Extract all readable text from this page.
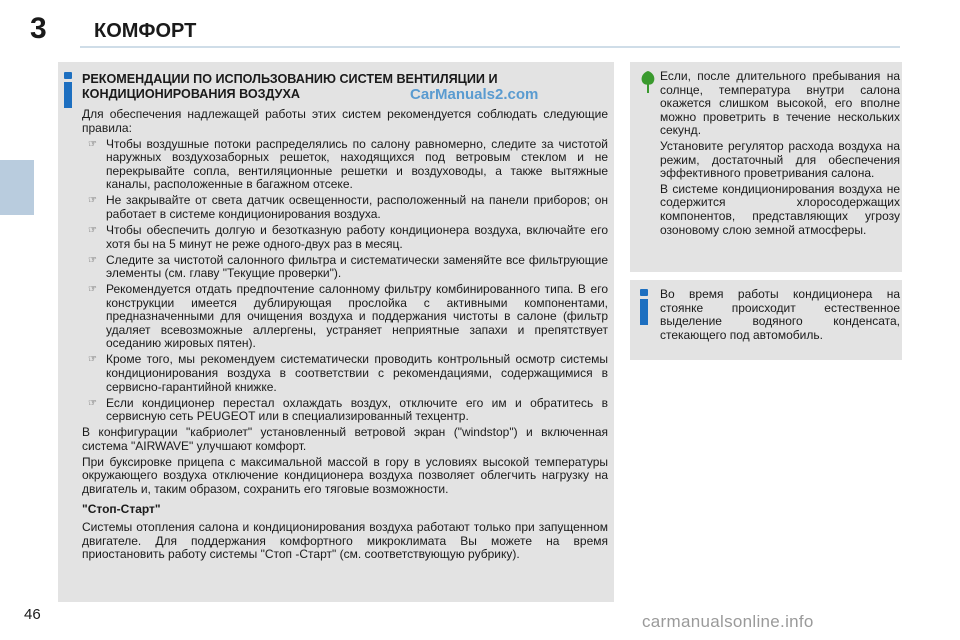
3 КОМФОРТ
46
РЕКОМЕНДАЦИИ ПО ИСПОЛЬЗОВАНИЮ СИСТЕМ ВЕНТИЛЯЦИИ И
КОНДИЦИОНИРОВАНИЯ ВОЗДУХА	CarManuals2.com

Для обеспечения надлежащей работы этих систем рекомендуется соблюдать следующие правила:

☞ Чтобы воздушные потоки распределялись по салону равномерно, следите за чистотой наружных воздухозаборных решеток, находящихся под ветровым стеклом и не перекрывайте сопла, вентиляционные решетки и воздуховоды, а также вытяжные каналы, расположенные в багажном отсеке.
☞ Не закрывайте от света датчик освещенности, расположенный на панели приборов; он работает в системе кондиционирования воздуха.
☞ Чтобы обеспечить долгую и безотказную работу кондиционера воздуха, включайте его хотя бы на 5 минут не реже одного-двух раз в месяц.
☞ Следите за чистотой салонного фильтра и систематически заменяйте все фильтрующие элементы (см. главу "Текущие проверки").
☞ Рекомендуется отдать предпочтение салонному фильтру комбинированного типа. В его конструкции имеется дублирующая прослойка с активными компонентами, предназначенными для очищения воздуха и поддержания чистоты в салоне (фильтр удаляет всевозможные аллергены, устраняет неприятные запахи и препятствует оседанию жировых пятен).
☞ Кроме того, мы рекомендуем систематически проводить контрольный осмотр системы кондиционирования воздуха в соответствии с рекомендациями, содержащимися в сервисно-гарантийной книжке.
☞ Если кондиционер перестал охлаждать воздух, отключите его им и обратитесь в сервисную сеть PEUGEOT или в специализированный техцентр.

В конфигурации "кабриолет" установленный ветровой экран ("windstop") и включенная система "AIRWAVE" улучшают комфорт.

При буксировке прицепа с максимальной массой в гору в условиях высокой температуры окружающего воздуха отключение кондиционера воздуха позволяет облегчить нагрузку на двигатель и, таким образом, сохранить его тяговые возможности.

"Стоп-Старт"

Системы отопления салона и кондиционирования воздуха работают только при запущенном двигателе. Для поддержания комфортного микроклимата Вы можете на время приостановить работу системы "Стоп -Старт" (см. соответствующую рубрику).

Если, после длительного пребывания на солнце, температура внутри салона окажется слишком высокой, его вполне можно проветрить в течение нескольких секунд.

Установите регулятор расхода воздуха на режим, достаточный для обеспечения эффективного проветривания салона.

В системе кондиционирования воздуха не содержится хлоросодержащих компонентов, представляющих угрозу озоновому слою земной атмосферы.

Во время работы кондиционера на стоянке происходит естественное выделение водяного конденсата, стекающего под автомобиль.

carmanualsonline.info
